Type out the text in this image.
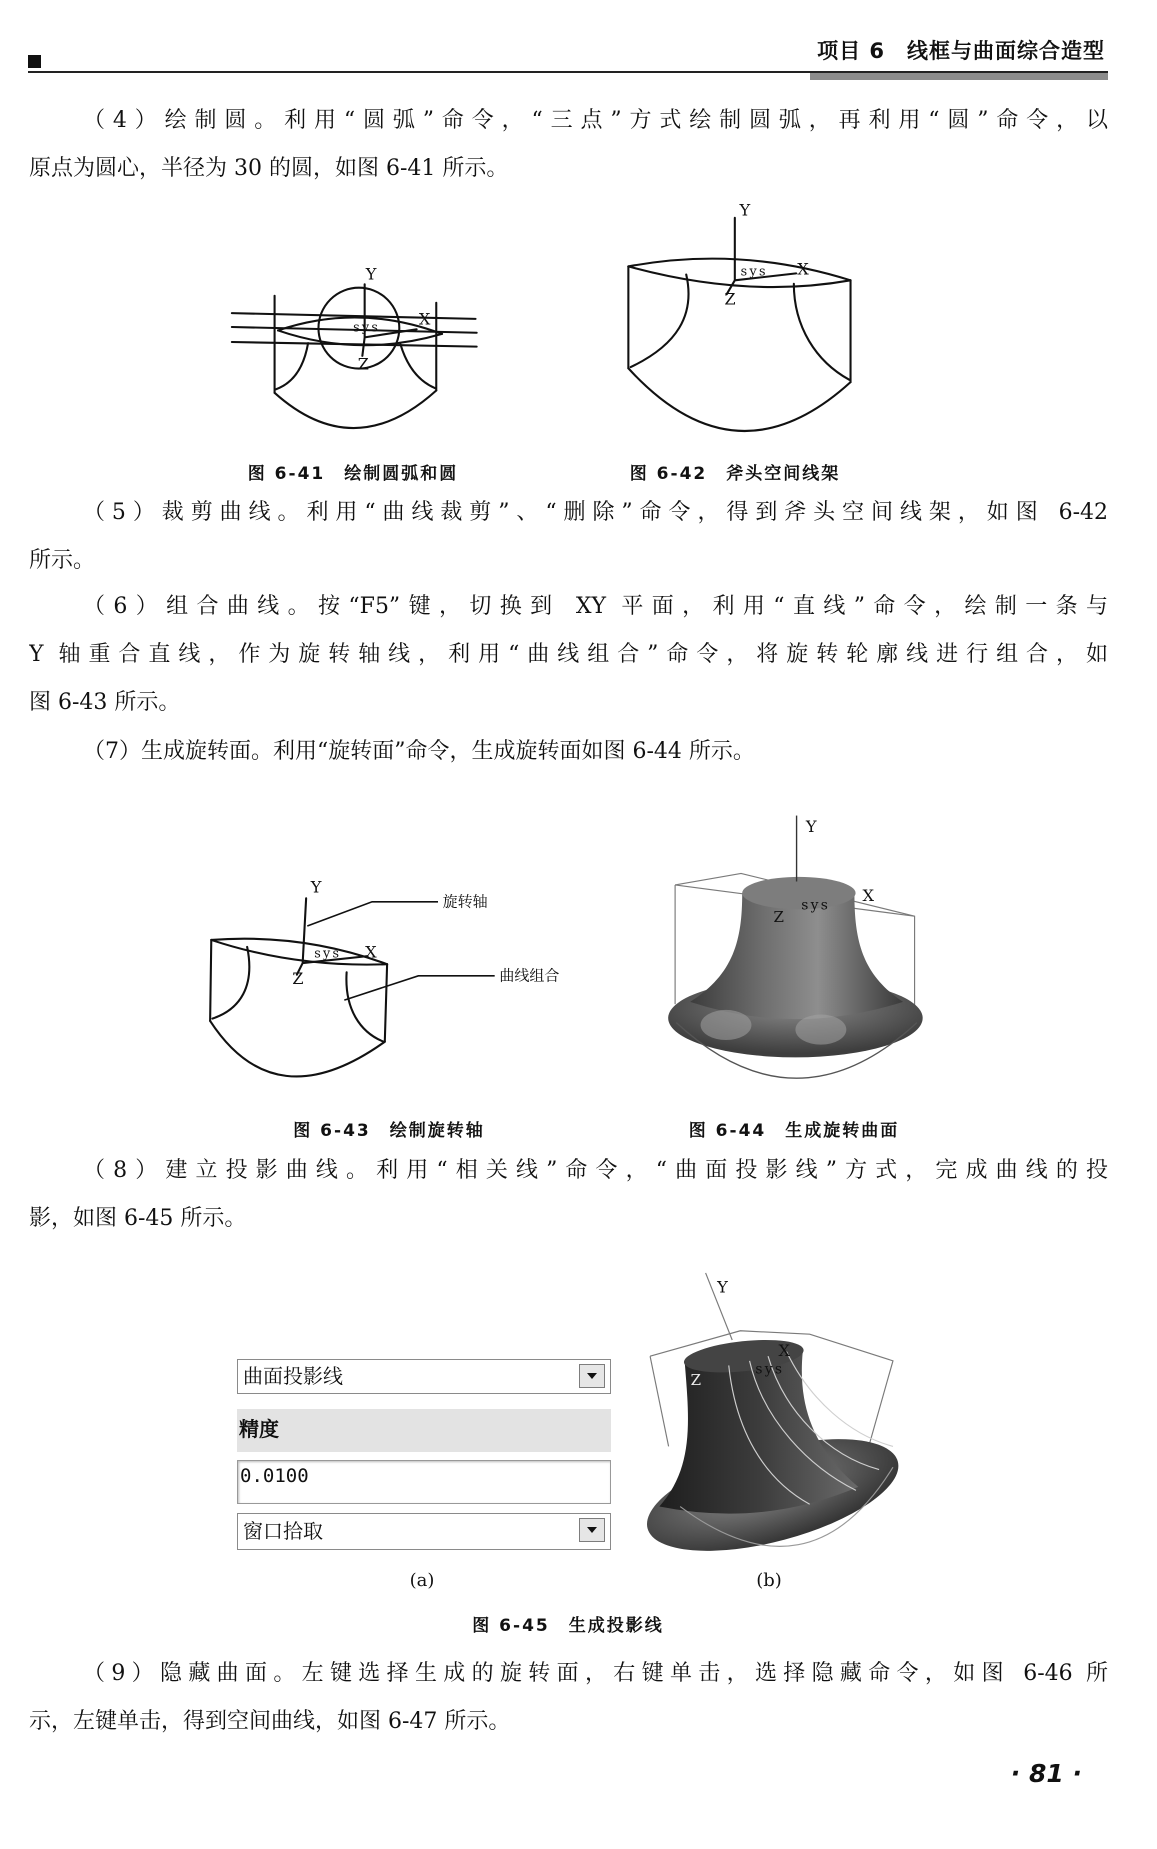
项目 6　线框与曲面综合造型
（4）绘制圆。利用“圆弧”命令，“三点”方式绘制圆弧，再利用“圆”命令，以
原点为圆心，半径为 30 的圆，如图 6-41 所示。
Y
X
Z
sys
Y
sys X
Z
图 6-41　绘制圆弧和圆	图 6-42　斧头空间线架
（5）裁剪曲线。利用“曲线裁剪”、“删除”命令，得到斧头空间线架，如图 6-42
所示。
（6）组合曲线。按“F5”键，切换到 XY 平面，利用“直线”命令，绘制一条与
Y 轴重合直线，作为旋转轴线，利用“曲线组合”命令，将旋转轮廓线进行组合，如
图 6-43 所示。
（7）生成旋转面。利用“旋转面”命令，生成旋转面如图 6-44 所示。
Y
旋转轴
X
sys
Z	曲线组合
Y
X
Z
sys
图 6-43　绘制旋转轴	图 6-44　生成旋转曲面
（8）建立投影曲线。利用“相关线”命令，“曲面投影线”方式，完成曲线的投
影，如图 6-45 所示。
曲面投影线
精度
0.0100
窗口拾取
Y
X
sys
Z
(a)	(b)
图 6-45　生成投影线
（9）隐藏曲面。左键选择生成的旋转面，右键单击，选择隐藏命令，如图 6-46 所
示，左键单击，得到空间曲线，如图 6-47 所示。
· 81 ·
